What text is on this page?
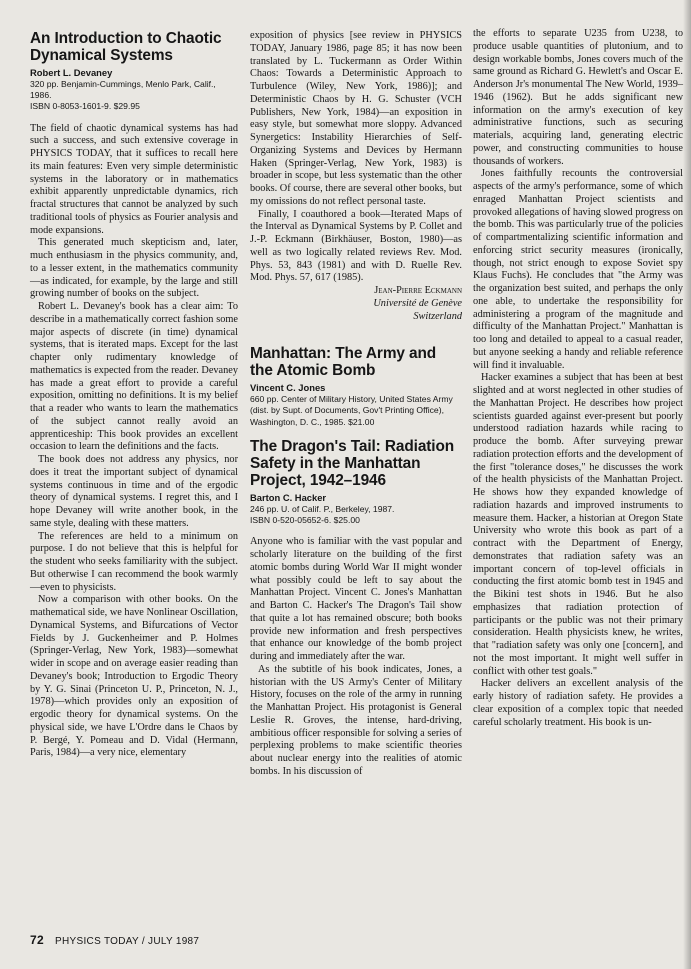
An Introduction to Chaotic Dynamical Systems

Robert L. Devaney

320 pp. Benjamin-Cummings, Menlo Park, Calif., 1986.

ISBN 0-8053-1601-9. $29.95

The field of chaotic dynamical systems has had such a success, and such extensive coverage in PHYSICS TODAY, that it suffices to recall here its main features: Even very simple deterministic systems in the laboratory or in mathematics exhibit apparently unpredictable dynamics, rich fractal structures that cannot be analyzed by such traditional tools of physics as Fourier analysis and mode expansions.

This generated much skepticism and, later, much enthusiasm in the physics community, and, to a lesser extent, in the mathematics community—as indicated, for example, by the large and still growing number of books on the subject.

Robert L. Devaney's book has a clear aim: To describe in a mathematically correct fashion some major aspects of discrete (in time) dynamical systems, that is iterated maps. Except for the last chapter only rudimentary knowledge of mathematics is expected from the reader. Devaney has made a great effort to provide a careful exposition, omitting no definitions. It is my belief that a reader who wants to learn the mathematics of the subject cannot really avoid an apprenticeship: This book provides an excellent occasion to learn the definitions and the facts.

The book does not address any physics, nor does it treat the important subject of dynamical systems continuous in time and of the ergodic theory of dynamical systems. I regret this, and I hope Devaney will write another book, in the same style, dealing with these matters.

The references are held to a minimum on purpose. I do not believe that this is helpful for the student who seeks familiarity with the subject. But otherwise I can recommend the book warmly—even to physicists.

Now a comparison with other books. On the mathematical side, we have Nonlinear Oscillation, Dynamical Systems, and Bifurcations of Vector Fields by J. Guckenheimer and P. Holmes (Springer-Verlag, New York, 1983)—somewhat wider in scope and on average easier reading than Devaney's book; Introduction to Ergodic Theory by Y. G. Sinai (Princeton U. P., Princeton, N. J., 1978)—which provides only an exposition of ergodic theory for dynamical systems. On the physical side, we have L'Ordre dans le Chaos by P. Bergé, Y. Pomeau and D. Vidal (Hermann, Paris, 1984)—a very nice, elementary

exposition of physics [see review in PHYSICS TODAY, January 1986, page 85; it has now been translated by L. Tuckermann as Order Within Chaos: Towards a Deterministic Approach to Turbulence (Wiley, New York, 1986)]; and Deterministic Chaos by H. G. Schuster (VCH Publishers, New York, 1984)—an exposition in easy style, but somewhat more sloppy. Advanced Synergetics: Instability Hierarchies of Self-Organizing Systems and Devices by Hermann Haken (Springer-Verlag, New York, 1983) is broader in scope, but less systematic than the other books. Of course, there are several other books, but my omissions do not reflect personal taste.

Finally, I coauthored a book—Iterated Maps of the Interval as Dynamical Systems by P. Collet and J.-P. Eckmann (Birkhäuser, Boston, 1980)—as well as two logically related reviews Rev. Mod. Phys. 53, 843 (1981) and with D. Ruelle Rev. Mod. Phys. 57, 617 (1985).

Jean-Pierre Eckmann

Université de Genève

Switzerland

Manhattan: The Army and the Atomic Bomb

Vincent C. Jones

660 pp. Center of Military History, United States Army (dist. by Supt. of Documents, Gov't Printing Office), Washington, D. C., 1985. $21.00

The Dragon's Tail: Radiation Safety in the Manhattan Project, 1942–1946

Barton C. Hacker

246 pp. U. of Calif. P., Berkeley, 1987.

ISBN 0-520-05652-6. $25.00

Anyone who is familiar with the vast popular and scholarly literature on the building of the first atomic bombs during World War II might wonder what possibly could be left to say about the Manhattan Project. Vincent C. Jones's Manhattan and Barton C. Hacker's The Dragon's Tail show that quite a lot has remained obscure; both books provide new information and fresh perspectives that enhance our knowledge of the bomb project during and immediately after the war.

As the subtitle of his book indicates, Jones, a historian with the US Army's Center of Military History, focuses on the role of the army in running the Manhattan Project. His protagonist is General Leslie R. Groves, the intense, hard-driving, ambitious officer responsible for solving a series of perplexing problems to make scientific theories about nuclear energy into the realities of atomic bombs. In his discussion of

the efforts to separate U235 from U238, to produce usable quantities of plutonium, and to design workable bombs, Jones covers much of the same ground as Richard G. Hewlett's and Oscar E. Anderson Jr's monumental The New World, 1939–1946 (1962). But he adds significant new information on the army's execution of key administrative functions, such as securing materials, acquiring land, generating electric power, and constructing communities to house thousands of workers.

Jones faithfully recounts the controversial aspects of the army's performance, some of which enraged Manhattan Project scientists and provoked allegations of having slowed progress on the bomb. This was particularly true of the policies of compartmentalizing scientific information and enforcing strict security measures (ironically, though, not strict enough to expose Soviet spy Klaus Fuchs). He concludes that "the Army was the organization best suited, and perhaps the only one able, to undertake the responsibility for administering a program of the magnitude and difficulty of the Manhattan Project." Manhattan is too long and detailed to appeal to a casual reader, but anyone seeking a handy and reliable reference will find it invaluable.

Hacker examines a subject that has been at best slighted and at worst neglected in other studies of the Manhattan Project. He describes how project scientists guarded against ever-present but poorly understood radiation hazards while racing to produce the bomb. After surveying prewar radiation protection efforts and the development of the first "tolerance doses," he discusses the work of the health physicists of the Manhattan Project. He shows how they expanded knowledge of radiation hazards and improved instruments to measure them. Hacker, a historian at Oregon State University who wrote this book as part of a contract with the Department of Energy, demonstrates that radiation safety was an important concern of top-level officials in conducting the first atomic bomb test in 1945 and the Bikini test shots in 1946. But he also emphasizes that radiation protection of participants or the public was not their primary consideration. Health physicists knew, he writes, that "radiation safety was only one [concern], and not the most important. It might well suffer in conflict with other test goals."

Hacker delivers an excellent analysis of the early history of radiation safety. He provides a clear exposition of a complex topic that needed careful scholarly treatment. His book is un-

72 PHYSICS TODAY / JULY 1987
